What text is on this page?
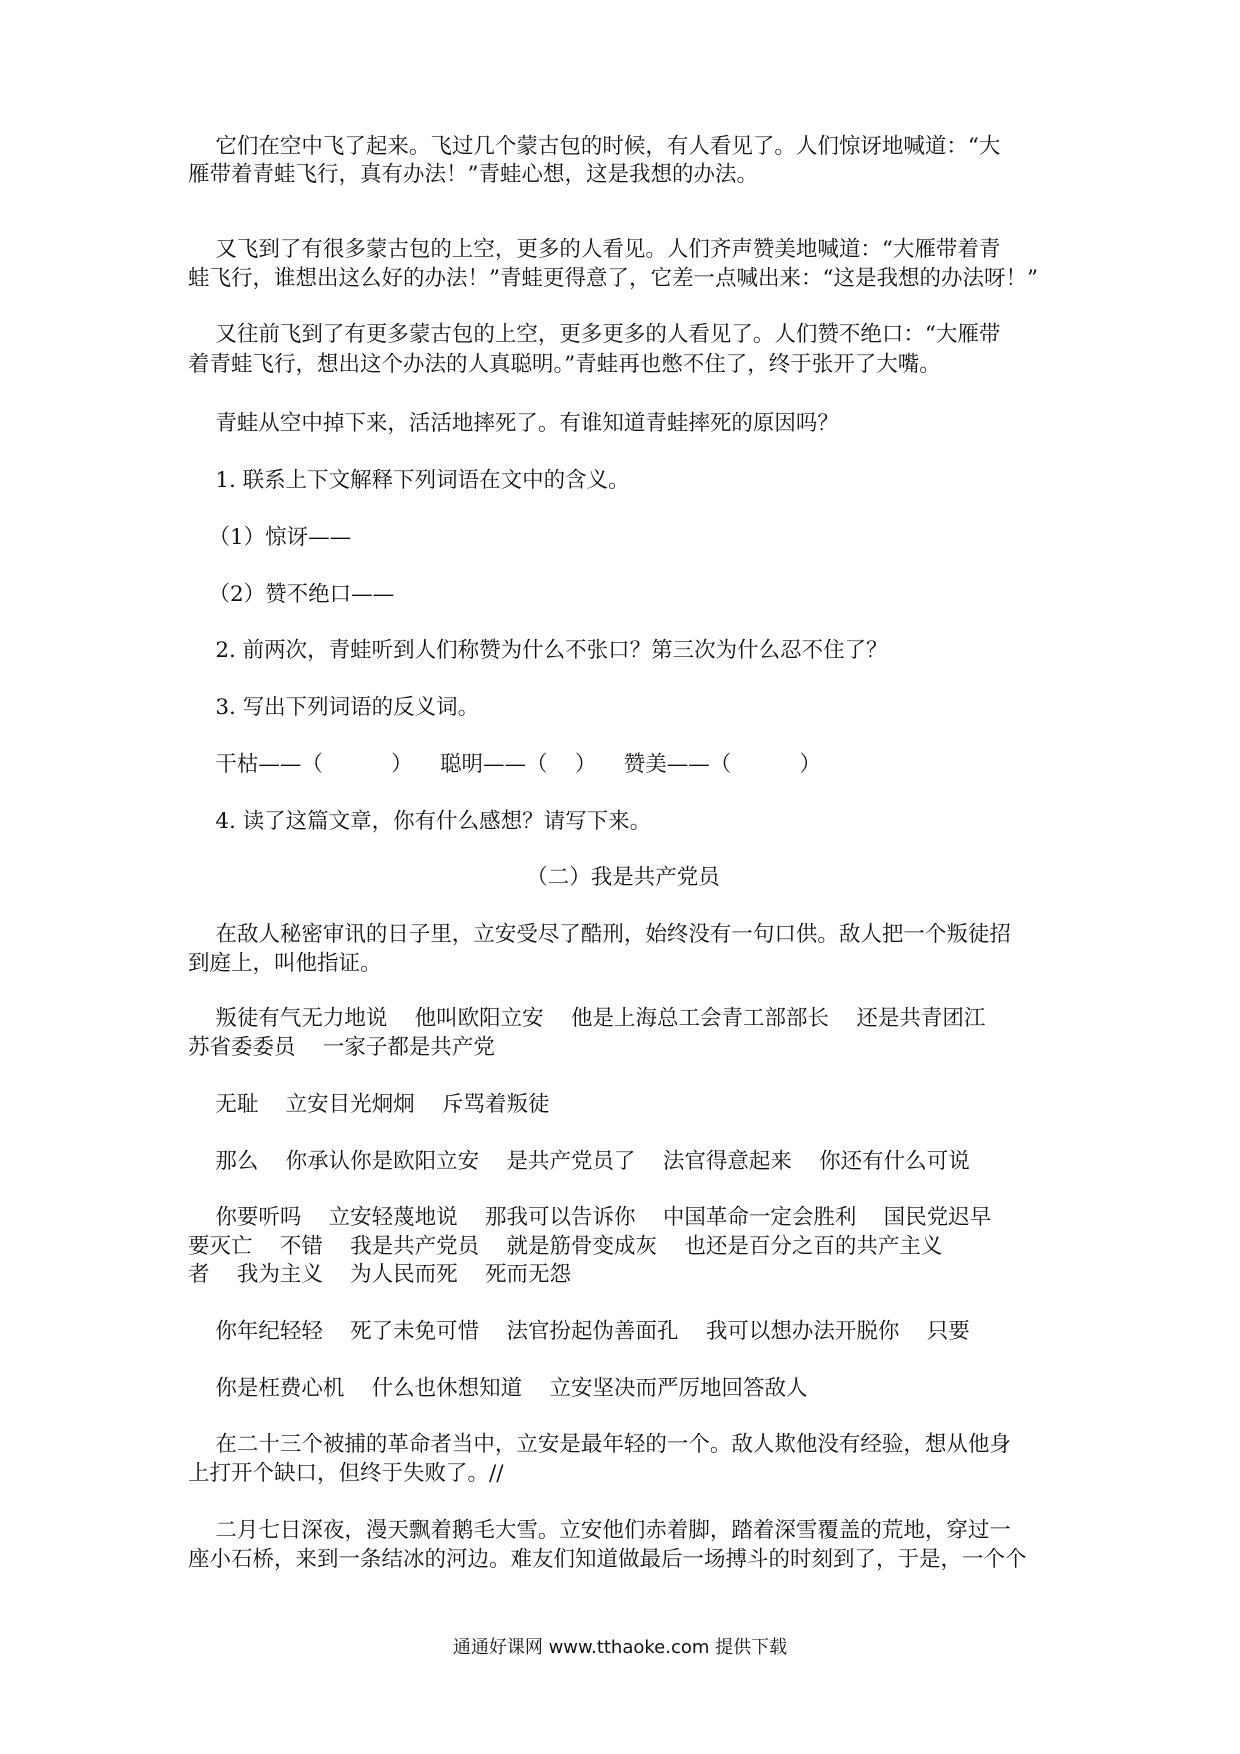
它们在空中飞了起来。飞过几个蒙古包的时候，有人看见了。人们惊讶地喊道：“大

雁带着青蛙飞行，真有办法！”青蛙心想，这是我想的办法。

又飞到了有很多蒙古包的上空，更多的人看见。人们齐声赞美地喊道：“大雁带着青

蛙飞行，谁想出这么好的办法！”青蛙更得意了，它差一点喊出来：“这是我想的办法呀！”

又往前飞到了有更多蒙古包的上空，更多更多的人看见了。人们赞不绝口：“大雁带

着青蛙飞行，想出这个办法的人真聪明。”青蛙再也憋不住了，终于张开了大嘴。

青蛙从空中掉下来，活活地摔死了。有谁知道青蛙摔死的原因吗？

1. 联系上下文解释下列词语在文中的含义。

（1）惊讶——

（2）赞不绝口——

2. 前两次，青蛙听到人们称赞为什么不张口？第三次为什么忍不住了？

3. 写出下列词语的反义词。

干枯——（          ）    聪明——（    ）    赞美——（          ）

4. 读了这篇文章，你有什么感想？请写下来。

（二）我是共产党员

在敌人秘密审讯的日子里，立安受尽了酷刑，始终没有一句口供。敌人把一个叛徒招

到庭上，叫他指证。

叛徒有气无力地说    他叫欧阳立安    他是上海总工会青工部部长    还是共青团江

苏省委委员    一家子都是共产党

无耻    立安目光炯炯    斥骂着叛徒

那么    你承认你是欧阳立安    是共产党员了    法官得意起来    你还有什么可说

你要听吗    立安轻蔑地说    那我可以告诉你    中国革命一定会胜利    国民党迟早

要灭亡    不错    我是共产党员    就是筋骨变成灰    也还是百分之百的共产主义

者    我为主义    为人民而死    死而无怨

你年纪轻轻    死了未免可惜    法官扮起伪善面孔    我可以想办法开脱你    只要

你是枉费心机    什么也休想知道    立安坚决而严厉地回答敌人

在二十三个被捕的革命者当中，立安是最年轻的一个。敌人欺他没有经验，想从他身

上打开个缺口，但终于失败了。//

二月七日深夜，漫天飘着鹅毛大雪。立安他们赤着脚，踏着深雪覆盖的荒地，穿过一

座小石桥，来到一条结冰的河边。难友们知道做最后一场搏斗的时刻到了，于是，一个个

通通好课网 www.tthaoke.com 提供下载
